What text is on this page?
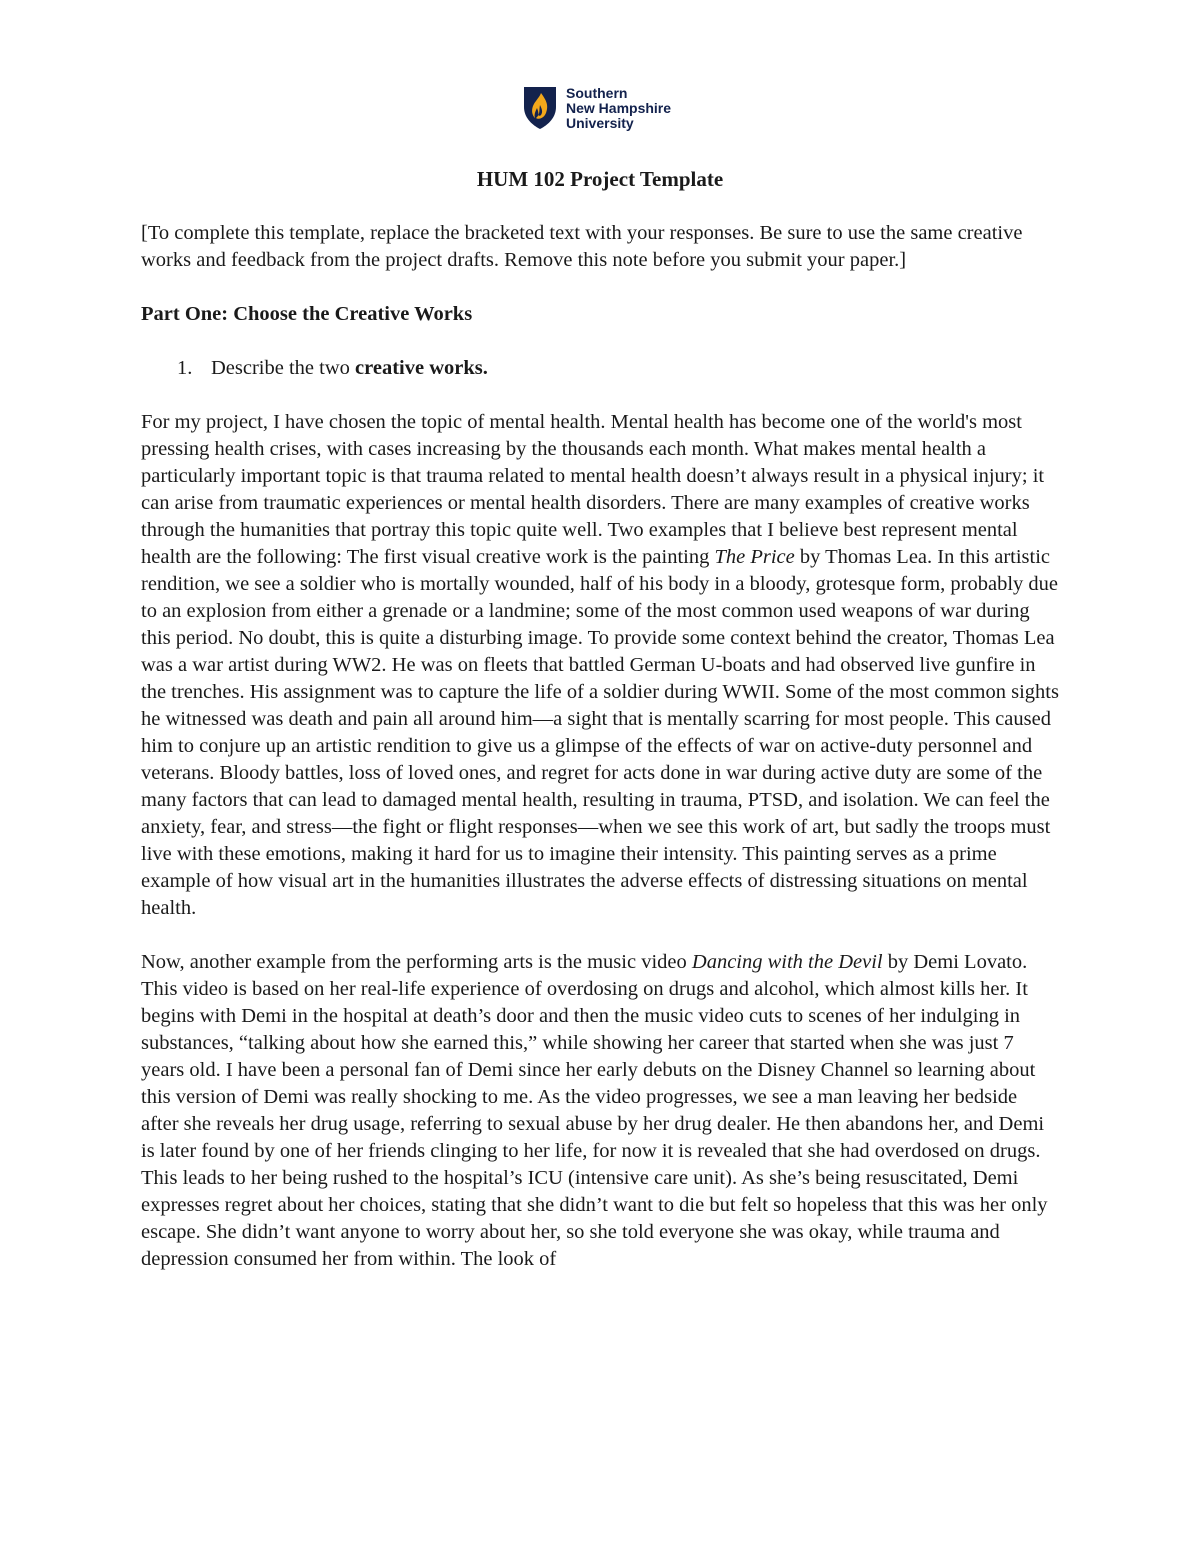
Southern
New Hampshire
University
HUM 102 Project Template

[To complete this template, replace the bracketed text with your responses. Be sure to use the same creative works and feedback from the project drafts. Remove this note before you submit your paper.]

Part One: Choose the Creative Works
1. Describe the two creative works.

For my project, I have chosen the topic of mental health. Mental health has become one of the world's most pressing health crises, with cases increasing by the thousands each month. What makes mental health a particularly important topic is that trauma related to mental health doesn’t always result in a physical injury; it can arise from traumatic experiences or mental health disorders. There are many examples of creative works through the humanities that portray this topic quite well. Two examples that I believe best represent mental health are the following: The first visual creative work is the painting The Price by Thomas Lea. In this artistic rendition, we see a soldier who is mortally wounded, half of his body in a bloody, grotesque form, probably due to an explosion from either a grenade or a landmine; some of the most common used weapons of war during this period. No doubt, this is quite a disturbing image. To provide some context behind the creator, Thomas Lea was a war artist during WW2. He was on fleets that battled German U-boats and had observed live gunfire in the trenches. His assignment was to capture the life of a soldier during WWII. Some of the most common sights he witnessed was death and pain all around him—a sight that is mentally scarring for most people. This caused him to conjure up an artistic rendition to give us a glimpse of the effects of war on active-duty personnel and veterans. Bloody battles, loss of loved ones, and regret for acts done in war during active duty are some of the many factors that can lead to damaged mental health, resulting in trauma, PTSD, and isolation. We can feel the anxiety, fear, and stress—the fight or flight responses—when we see this work of art, but sadly the troops must live with these emotions, making it hard for us to imagine their intensity. This painting serves as a prime example of how visual art in the humanities illustrates the adverse effects of distressing situations on mental health.

Now, another example from the performing arts is the music video Dancing with the Devil by Demi Lovato. This video is based on her real-life experience of overdosing on drugs and alcohol, which almost kills her. It begins with Demi in the hospital at death’s door and then the music video cuts to scenes of her indulging in substances, “talking about how she earned this,” while showing her career that started when she was just 7 years old. I have been a personal fan of Demi since her early debuts on the Disney Channel so learning about this version of Demi was really shocking to me. As the video progresses, we see a man leaving her bedside after she reveals her drug usage, referring to sexual abuse by her drug dealer. He then abandons her, and Demi is later found by one of her friends clinging to her life, for now it is revealed that she had overdosed on drugs. This leads to her being rushed to the hospital’s ICU (intensive care unit). As she’s being resuscitated, Demi expresses regret about her choices, stating that she didn’t want to die but felt so hopeless that this was her only escape. She didn’t want anyone to worry about her, so she told everyone she was okay, while trauma and depression consumed her from within. The look of
